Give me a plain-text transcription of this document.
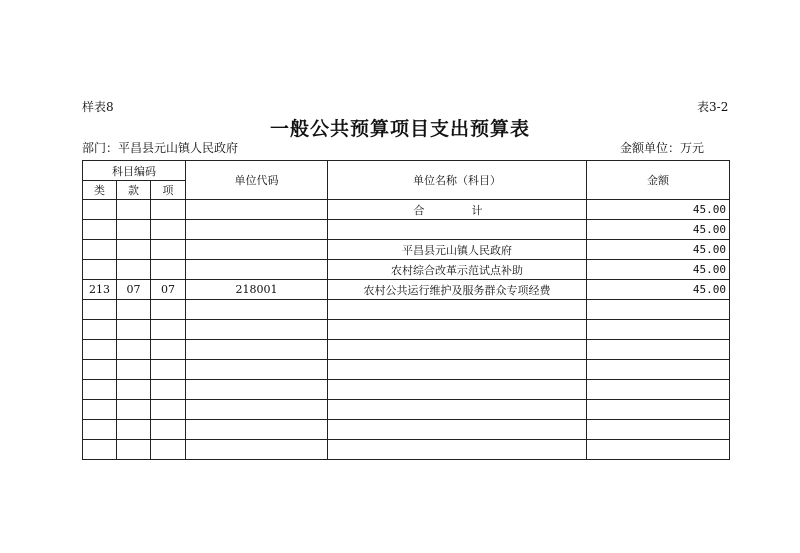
样表8	表3-2
一般公共预算项目支出预算表
部门：平昌县元山镇人民政府	金额单位：万元
科目编码			单位代码	单位名称（科目）	金额
类	款	项			
				合　计	45.00
					45.00
				平昌县元山镇人民政府	45.00
				农村综合改革示范试点补助	45.00
213	07	07	218001	农村公共运行维护及服务群众专项经费	45.00
